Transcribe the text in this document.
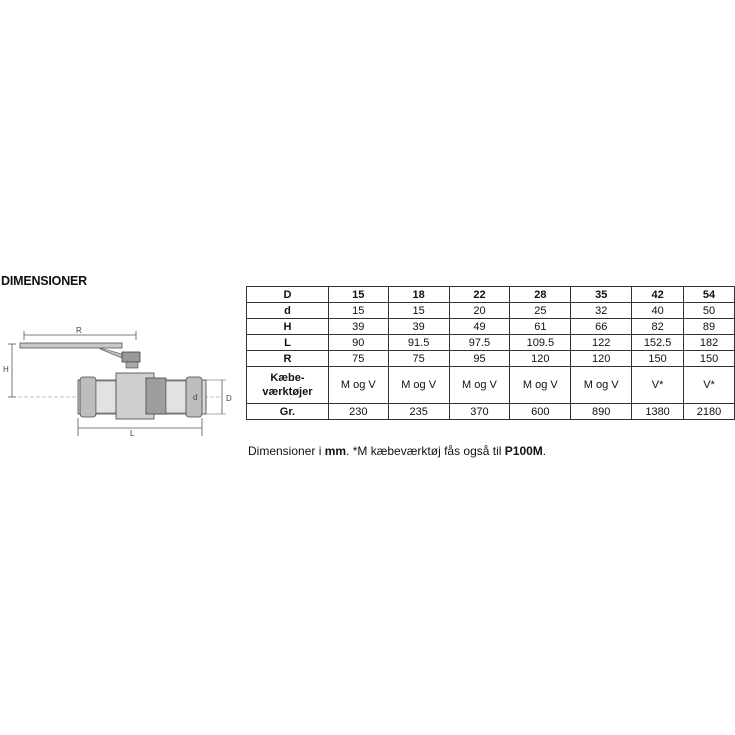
DIMENSIONER
R
H
L
d	D
D	15	18	22	28	35	42	54
d	15	15	20	25	32	40	50
H	39	39	49	61	66	82	89
L	90	91.5	97.5	109.5	122	152.5	182
R	75	75	95	120	120	150	150
Kæbe-
værktøjer	M og V	M og V	M og V	M og V	M og V	V*	V*
Gr.	230	235	370	600	890	1380	2180
Dimensioner i mm. *M kæbeværktøj fås også til P100M.
